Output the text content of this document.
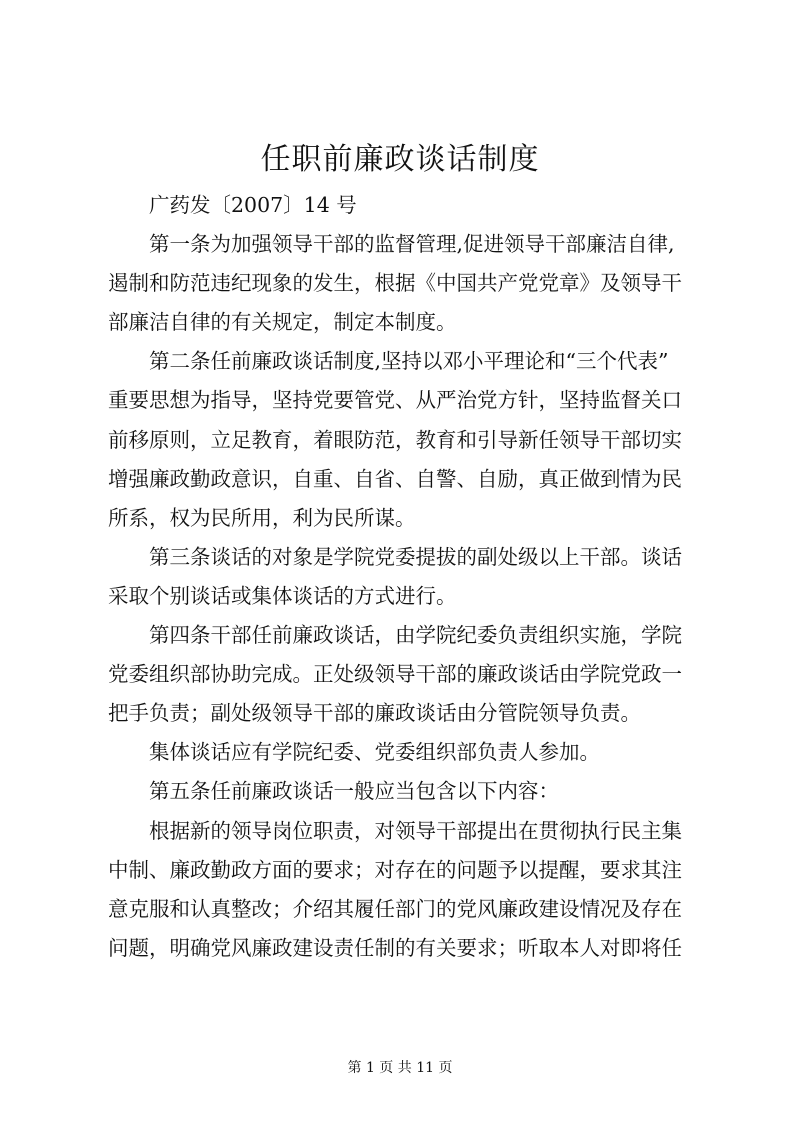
任职前廉政谈话制度

广药发〔2007〕14 号

第一条为加强领导干部的监督管理,促进领导干部廉洁自律,
遏制和防范违纪现象的发生，根据《中国共产党党章》及领导干
部廉洁自律的有关规定，制定本制度。

第二条任前廉政谈话制度,坚持以邓小平理论和“三个代表”
重要思想为指导，坚持党要管党、从严治党方针，坚持监督关口
前移原则，立足教育，着眼防范，教育和引导新任领导干部切实
增强廉政勤政意识，自重、自省、自警、自励，真正做到情为民
所系，权为民所用，利为民所谋。

第三条谈话的对象是学院党委提拔的副处级以上干部。谈话
采取个别谈话或集体谈话的方式进行。

第四条干部任前廉政谈话，由学院纪委负责组织实施，学院
党委组织部协助完成。正处级领导干部的廉政谈话由学院党政一
把手负责；副处级领导干部的廉政谈话由分管院领导负责。

集体谈话应有学院纪委、党委组织部负责人参加。

第五条任前廉政谈话一般应当包含以下内容：

根据新的领导岗位职责，对领导干部提出在贯彻执行民主集
中制、廉政勤政方面的要求；对存在的问题予以提醒，要求其注
意克服和认真整改；介绍其履任部门的党风廉政建设情况及存在
问题，明确党风廉政建设责任制的有关要求；听取本人对即将任

第 1 页 共 11 页
